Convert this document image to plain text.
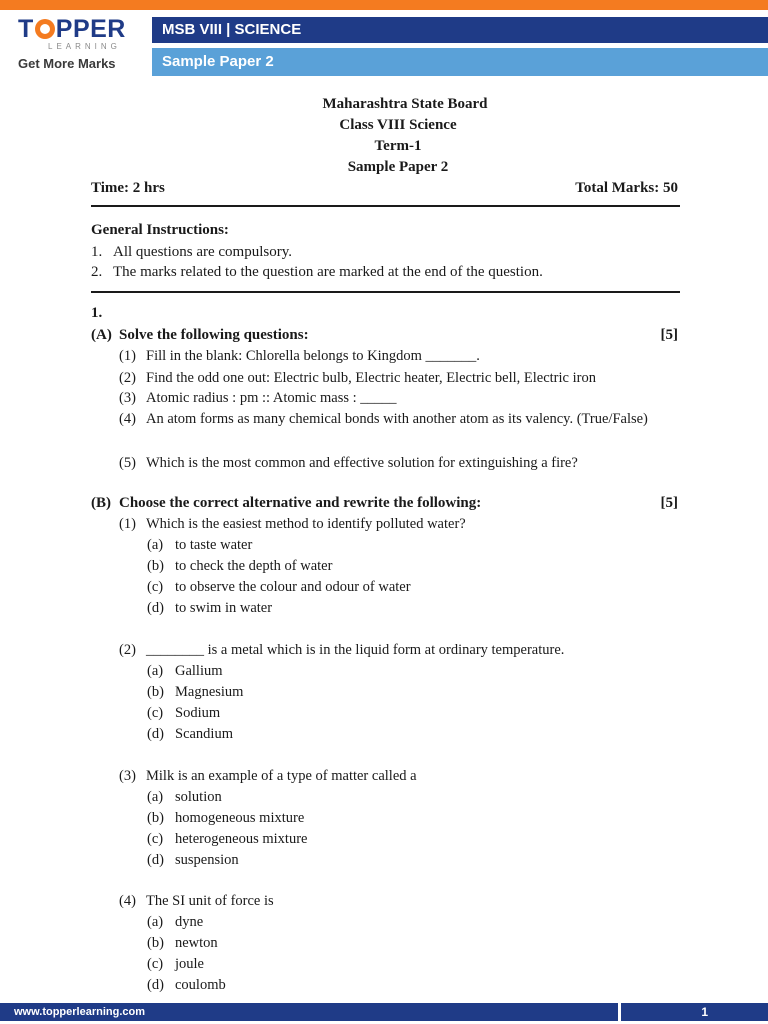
T PPER
LEARNING
Get More Marks
MSB VIII | SCIENCE
Sample Paper 2
Maharashtra State Board
Class VIII Science
Term-1
Sample Paper 2
Time: 2 hrs	Total Marks: 50
General Instructions:
1. All questions are compulsory.
2. The marks related to the question are marked at the end of the question.
1.
(A) Solve the following questions:	[5]
(1) Fill in the blank: Chlorella belongs to Kingdom _______.
(2) Find the odd one out: Electric bulb, Electric heater, Electric bell, Electric iron
(3) Atomic radius : pm :: Atomic mass : _____
(4) An atom forms as many chemical bonds with another atom as its valency. (True/False)
(5) Which is the most common and effective solution for extinguishing a fire?
(B) Choose the correct alternative and rewrite the following:	[5]
(1) Which is the easiest method to identify polluted water?
(a) to taste water
(b) to check the depth of water
(c) to observe the colour and odour of water
(d) to swim in water
(2) ________ is a metal which is in the liquid form at ordinary temperature.
(a) Gallium
(b) Magnesium
(c) Sodium
(d) Scandium
(3) Milk is an example of a type of matter called a
(a) solution
(b) homogeneous mixture
(c) heterogeneous mixture
(d) suspension
(4) The SI unit of force is
(a) dyne
(b) newton
(c) joule
(d) coulomb
www.topperlearning.com	1
